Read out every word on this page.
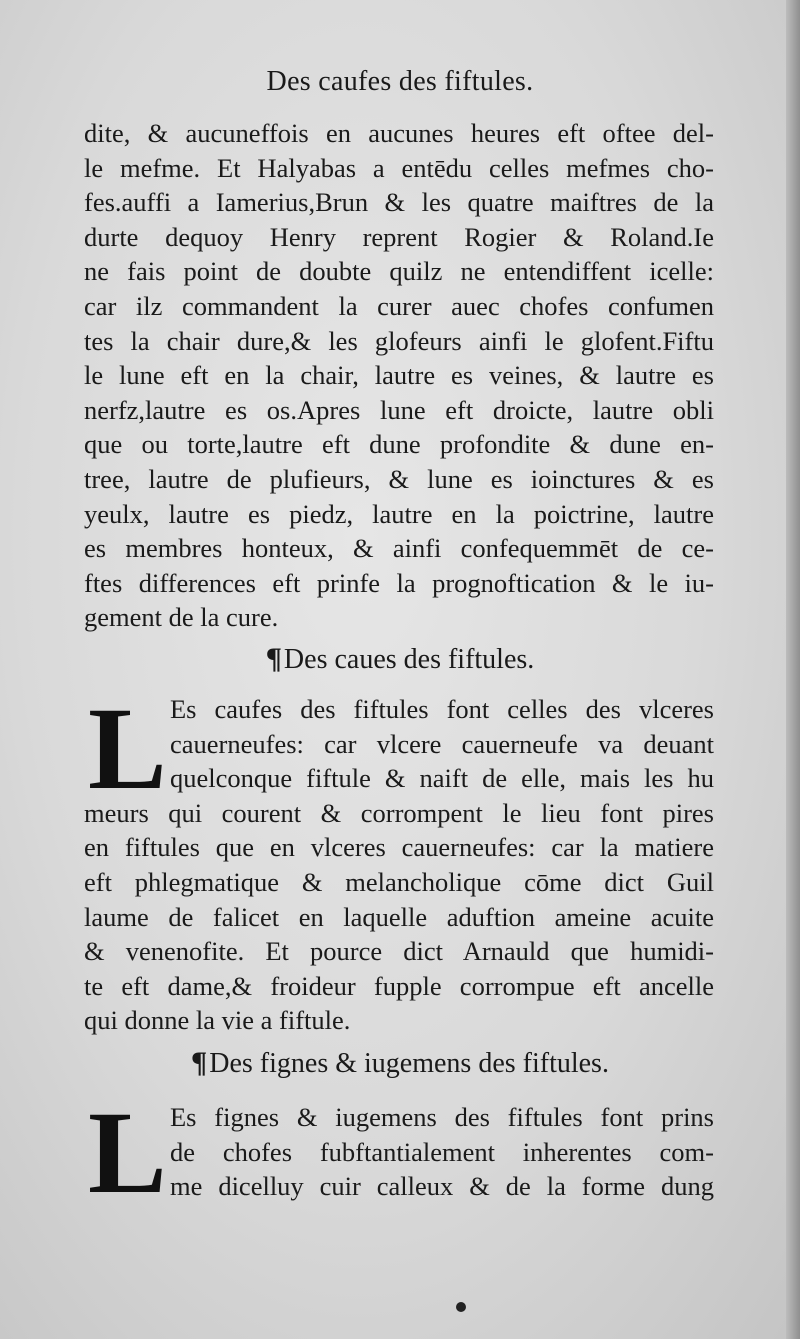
Des caufes des fiftules.
dite, & aucuneffois en aucunes heures eft oftee del-
le mefme. Et Halyabas a entēdu celles mefmes cho-
fes.auffi a Iamerius,Brun & les quatre maiftres de la
durte dequoy Henry reprent Rogier & Roland.Ie
ne fais point de doubte quilz ne entendiffent icelle:
car ilz commandent la curer auec chofes confumen
tes la chair dure,& les glofeurs ainfi le glofent.Fiftu
le lune eft en la chair, lautre es veines, & lautre es
nerfz,lautre es os.Apres lune eft droicte, lautre obli
que ou torte,lautre eft dune profondite & dune en-
tree, lautre de plufieurs, & lune es ioinctures & es
yeulx, lautre es piedz, lautre en la poictrine, lautre
es membres honteux, & ainfi confequemmēt de ce-
ftes differences eft prinfe la prognoftication & le iu-
gement de la cure.
¶Des caues des fiftules.
L Es caufes des fiftules font celles des vlceres
cauerneufes: car vlcere cauerneufe va deuant
quelconque fiftule & naift de elle, mais les hu
meurs qui courent & corrompent le lieu font pires
en fiftules que en vlceres cauerneufes: car la matiere
eft phlegmatique & melancholique cōme dict Guil
laume de falicet en laquelle aduftion ameine acuite
& venenofite. Et pource dict Arnauld que humidi-
te eft dame,& froideur fupple corrompue eft ancelle
qui donne la vie a fiftule.
¶Des fignes & iugemens des fiftules.
L Es fignes & iugemens des fiftules font prins
de chofes fubftantialement inherentes com-
me dicelluy cuir calleux & de la forme dung
